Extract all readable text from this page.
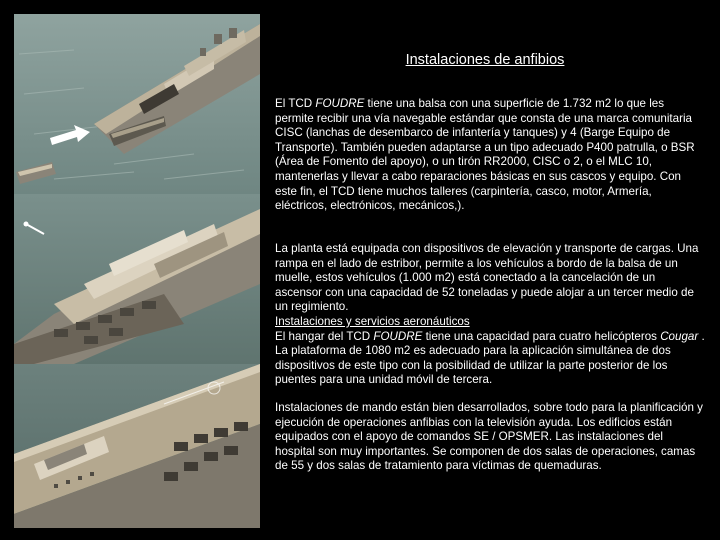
Instalaciones de anfibios

El TCD FOUDRE tiene una balsa con una superficie de 1.732 m2 lo que les permite recibir una vía navegable estándar que consta de una marca comunitaria CISC (lanchas de desembarco de infantería y tanques) y 4 (Barge Equipo de Transporte). También pueden adaptarse a un tipo adecuado P400 patrulla, o BSR (Área de Fomento del apoyo), o un tirón RR2000, CISC o 2, o el MLC 10, mantenerlas y llevar a cabo reparaciones básicas en sus cascos y equipo. Con este fin, el TCD tiene muchos talleres (carpintería, casco, motor, Armería, eléctricos, electrónicos, mecánicos,).

La planta está equipada con dispositivos de elevación y transporte de cargas. Una rampa en el lado de estribor, permite a los vehículos a bordo de la balsa de un muelle, estos vehículos (1.000 m2) está conectado a la cancelación de un ascensor con una capacidad de 52 toneladas y puede alojar a un tercer medio de un regimiento.
Instalaciones y servicios aeronáuticos
El hangar del TCD FOUDRE tiene una capacidad para cuatro helicópteros Cougar . La plataforma de 1080 m2 es adecuado para la aplicación simultánea de dos dispositivos de este tipo con la posibilidad de utilizar la parte posterior de los puentes para una unidad móvil de tercera.

Instalaciones de mando están bien desarrollados, sobre todo para la planificación y ejecución de operaciones anfibias con la televisión ayuda. Los edificios están equipados con el apoyo de comandos SE / OPSMER. Las instalaciones del hospital son muy importantes. Se componen de dos salas de operaciones, camas de 55 y dos salas de tratamiento para víctimas de quemaduras.
